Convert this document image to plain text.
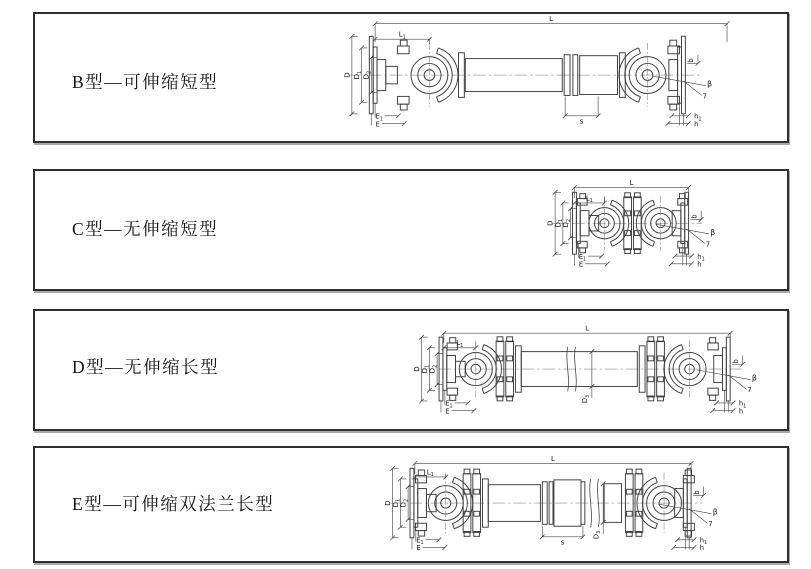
L
$L_1$
D $D_1$
$D_2$
$E_1$
E	s
b
β
7
$h_1$
h
B型—可伸缩短型
L
$L_1$
D $D_1$
$D_2$
$E_1$
E
b
β
7
$h_1$
h
C型—无伸缩短型
$D_3$
L
$L_1$
D $D_1$
$D_2$
$E_1$
E
b
β
7
$h_1$
h
D型—无伸缩长型
$D_3$
L
$L_1$
D $D_1$
$D_2$
$E_1$
E
s
b
β
7
$h_1$
h
E型—可伸缩双法兰长型
